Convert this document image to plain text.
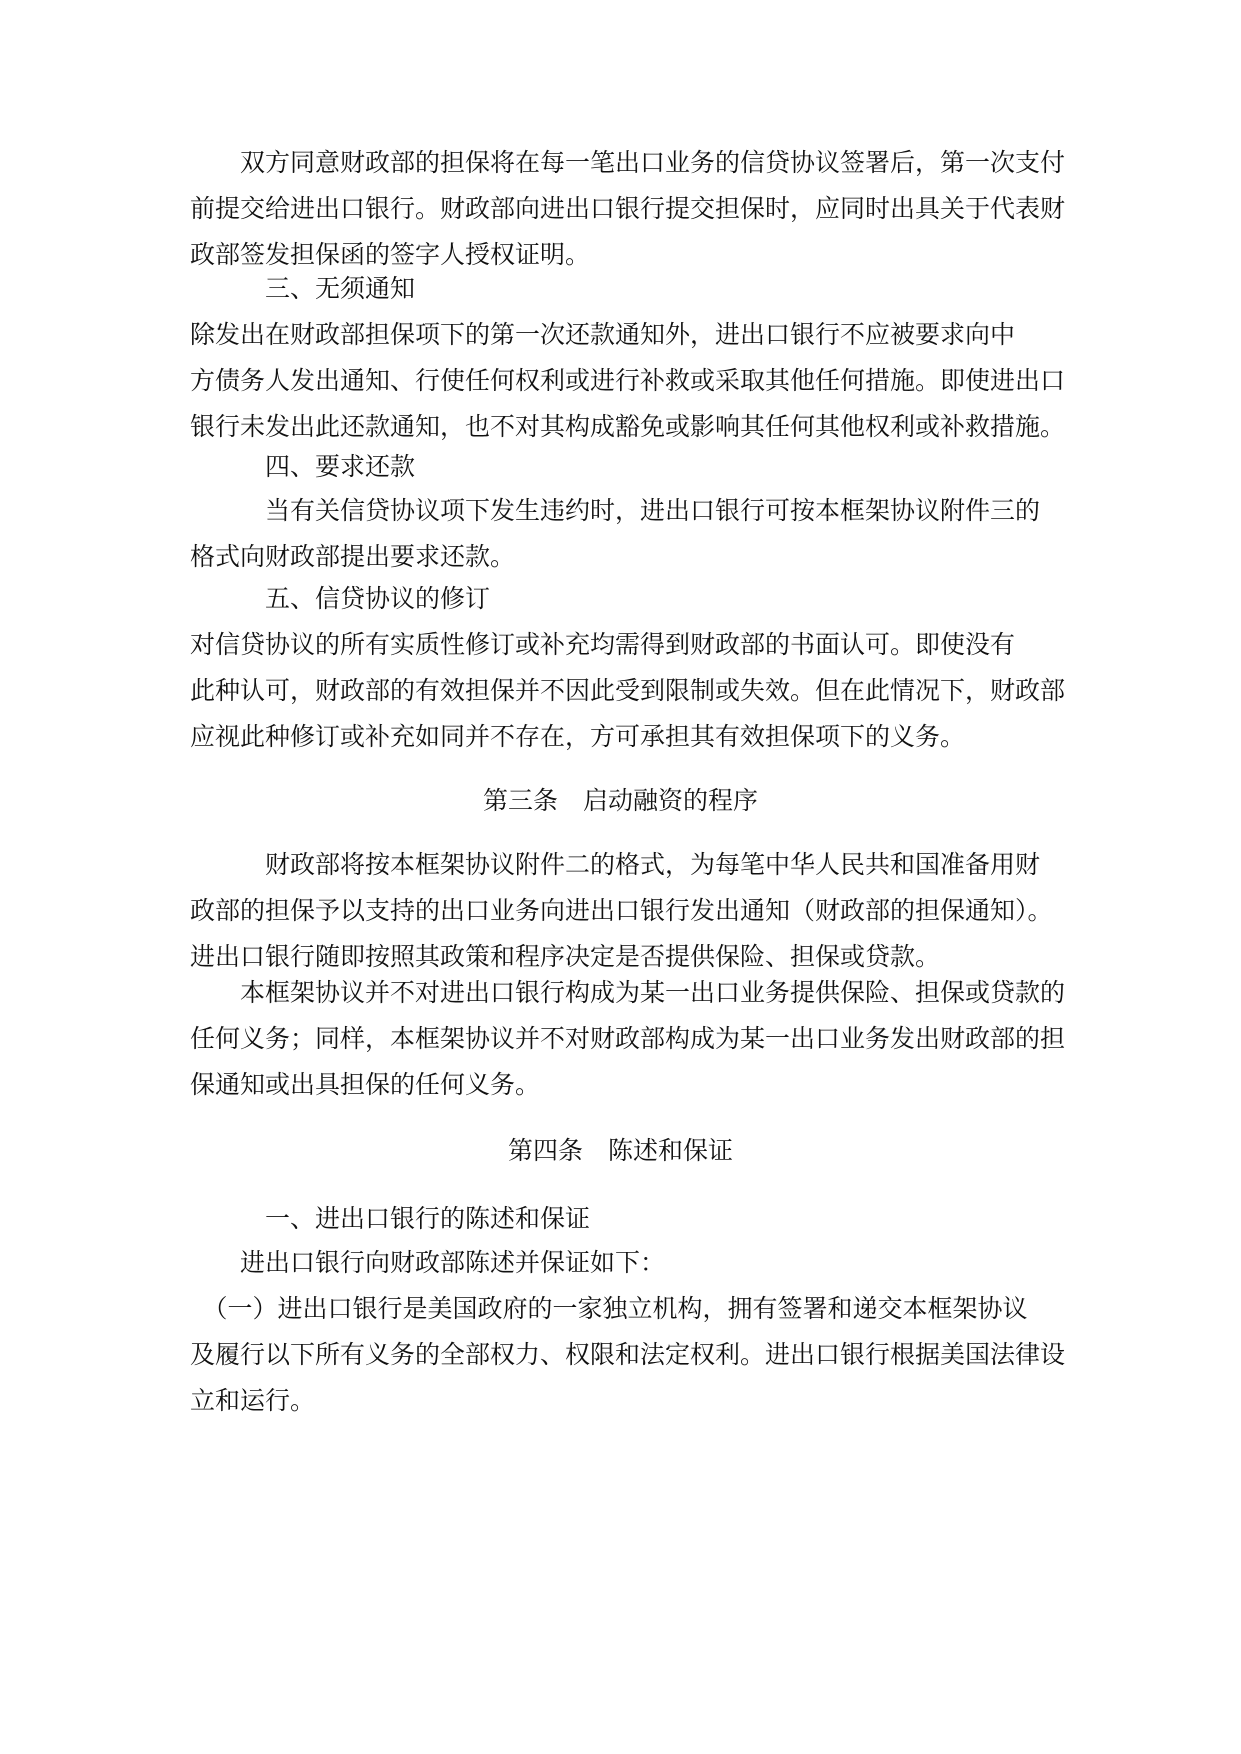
　　双方同意财政部的担保将在每一笔出口业务的信贷协议签署后，第一次支付
前提交给进出口银行。财政部向进出口银行提交担保时，应同时出具关于代表财
政部签发担保函的签字人授权证明。

　　　三、无须通知

除发出在财政部担保项下的第一次还款通知外，进出口银行不应被要求向中
方债务人发出通知、行使任何权利或进行补救或采取其他任何措施。即使进出口
银行未发出此还款通知，也不对其构成豁免或影响其任何其他权利或补救措施。

　　　四、要求还款

　　　当有关信贷协议项下发生违约时，进出口银行可按本框架协议附件三的
格式向财政部提出要求还款。

　　　五、信贷协议的修订

对信贷协议的所有实质性修订或补充均需得到财政部的书面认可。即使没有
此种认可，财政部的有效担保并不因此受到限制或失效。但在此情况下，财政部
应视此种修订或补充如同并不存在，方可承担其有效担保项下的义务。

第三条　启动融资的程序

　　　财政部将按本框架协议附件二的格式，为每笔中华人民共和国准备用财
政部的担保予以支持的出口业务向进出口银行发出通知（财政部的担保通知）。
进出口银行随即按照其政策和程序决定是否提供保险、担保或贷款。

　　本框架协议并不对进出口银行构成为某一出口业务提供保险、担保或贷款的
任何义务；同样，本框架协议并不对财政部构成为某一出口业务发出财政部的担
保通知或出具担保的任何义务。

第四条　陈述和保证

　　　一、进出口银行的陈述和保证

　　进出口银行向财政部陈述并保证如下：

　（一）进出口银行是美国政府的一家独立机构，拥有签署和递交本框架协议
及履行以下所有义务的全部权力、权限和法定权利。进出口银行根据美国法律设
立和运行。
